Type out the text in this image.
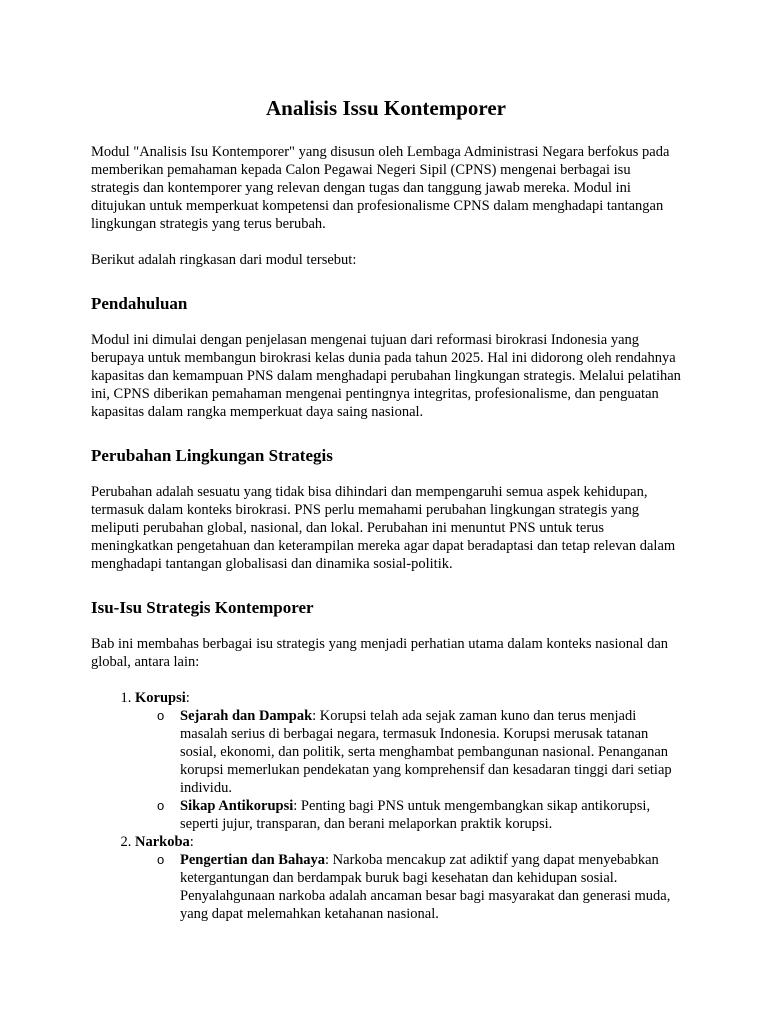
Analisis Issu Kontemporer

Modul "Analisis Isu Kontemporer" yang disusun oleh Lembaga Administrasi Negara berfokus pada memberikan pemahaman kepada Calon Pegawai Negeri Sipil (CPNS) mengenai berbagai isu strategis dan kontemporer yang relevan dengan tugas dan tanggung jawab mereka. Modul ini ditujukan untuk memperkuat kompetensi dan profesionalisme CPNS dalam menghadapi tantangan lingkungan strategis yang terus berubah.

Berikut adalah ringkasan dari modul tersebut:

Pendahuluan

Modul ini dimulai dengan penjelasan mengenai tujuan dari reformasi birokrasi Indonesia yang berupaya untuk membangun birokrasi kelas dunia pada tahun 2025. Hal ini didorong oleh rendahnya kapasitas dan kemampuan PNS dalam menghadapi perubahan lingkungan strategis. Melalui pelatihan ini, CPNS diberikan pemahaman mengenai pentingnya integritas, profesionalisme, dan penguatan kapasitas dalam rangka memperkuat daya saing nasional.

Perubahan Lingkungan Strategis

Perubahan adalah sesuatu yang tidak bisa dihindari dan mempengaruhi semua aspek kehidupan, termasuk dalam konteks birokrasi. PNS perlu memahami perubahan lingkungan strategis yang meliputi perubahan global, nasional, dan lokal. Perubahan ini menuntut PNS untuk terus meningkatkan pengetahuan dan keterampilan mereka agar dapat beradaptasi dan tetap relevan dalam menghadapi tantangan globalisasi dan dinamika sosial-politik.

Isu-Isu Strategis Kontemporer

Bab ini membahas berbagai isu strategis yang menjadi perhatian utama dalam konteks nasional dan global, antara lain:

1. Korupsi:
o Sejarah dan Dampak: Korupsi telah ada sejak zaman kuno dan terus menjadi masalah serius di berbagai negara, termasuk Indonesia. Korupsi merusak tatanan sosial, ekonomi, dan politik, serta menghambat pembangunan nasional. Penanganan korupsi memerlukan pendekatan yang komprehensif dan kesadaran tinggi dari setiap individu.
o Sikap Antikorupsi: Penting bagi PNS untuk mengembangkan sikap antikorupsi, seperti jujur, transparan, dan berani melaporkan praktik korupsi.
2. Narkoba:
o Pengertian dan Bahaya: Narkoba mencakup zat adiktif yang dapat menyebabkan ketergantungan dan berdampak buruk bagi kesehatan dan kehidupan sosial. Penyalahgunaan narkoba adalah ancaman besar bagi masyarakat dan generasi muda, yang dapat melemahkan ketahanan nasional.
